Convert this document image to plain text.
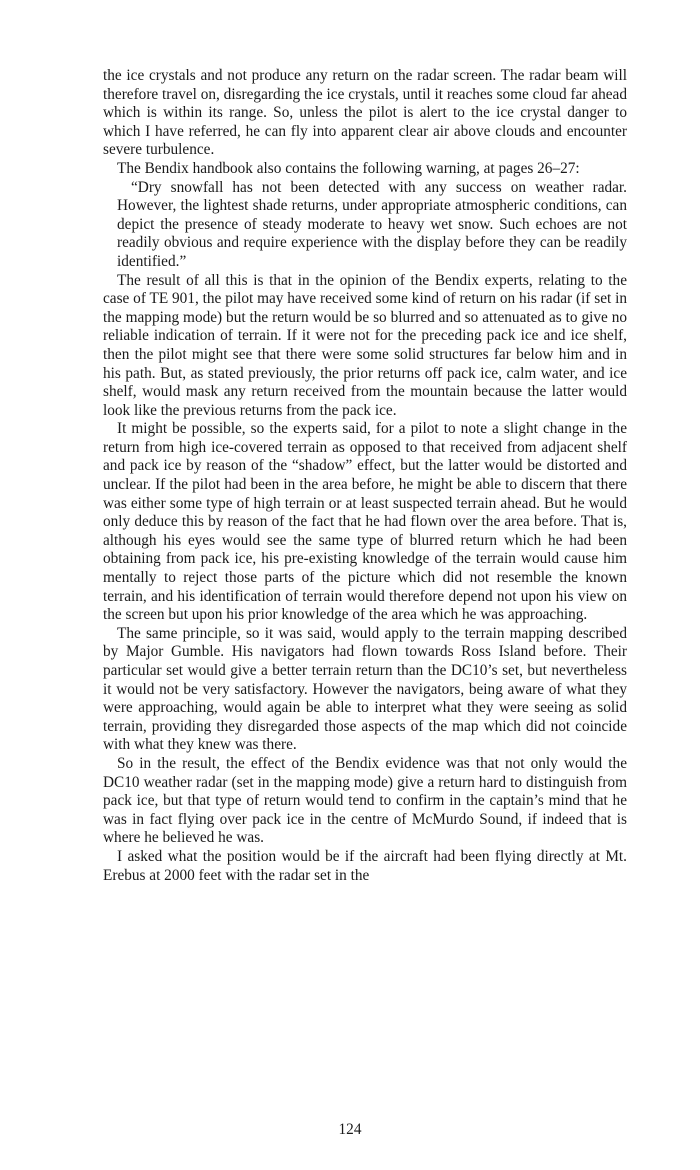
the ice crystals and not produce any return on the radar screen. The radar beam will therefore travel on, disregarding the ice crystals, until it reaches some cloud far ahead which is within its range. So, unless the pilot is alert to the ice crystal danger to which I have referred, he can fly into apparent clear air above clouds and encounter severe turbulence.

The Bendix handbook also contains the following warning, at pages 26–27:

“Dry snowfall has not been detected with any success on weather radar. However, the lightest shade returns, under appropriate atmospheric conditions, can depict the presence of steady moderate to heavy wet snow. Such echoes are not readily obvious and require experience with the display before they can be readily identified.”

The result of all this is that in the opinion of the Bendix experts, relating to the case of TE 901, the pilot may have received some kind of return on his radar (if set in the mapping mode) but the return would be so blurred and so attenuated as to give no reliable indication of terrain. If it were not for the preceding pack ice and ice shelf, then the pilot might see that there were some solid structures far below him and in his path. But, as stated previously, the prior returns off pack ice, calm water, and ice shelf, would mask any return received from the mountain because the latter would look like the previous returns from the pack ice.

It might be possible, so the experts said, for a pilot to note a slight change in the return from high ice-covered terrain as opposed to that received from adjacent shelf and pack ice by reason of the “shadow” effect, but the latter would be distorted and unclear. If the pilot had been in the area before, he might be able to discern that there was either some type of high terrain or at least suspected terrain ahead. But he would only deduce this by reason of the fact that he had flown over the area before. That is, although his eyes would see the same type of blurred return which he had been obtaining from pack ice, his pre-existing knowledge of the terrain would cause him mentally to reject those parts of the picture which did not resemble the known terrain, and his identification of terrain would therefore depend not upon his view on the screen but upon his prior knowledge of the area which he was approaching.

The same principle, so it was said, would apply to the terrain mapping described by Major Gumble. His navigators had flown towards Ross Island before. Their particular set would give a better terrain return than the DC10’s set, but nevertheless it would not be very satisfactory. However the navigators, being aware of what they were approaching, would again be able to interpret what they were seeing as solid terrain, providing they disregarded those aspects of the map which did not coincide with what they knew was there.

So in the result, the effect of the Bendix evidence was that not only would the DC10 weather radar (set in the mapping mode) give a return hard to distinguish from pack ice, but that type of return would tend to confirm in the captain’s mind that he was in fact flying over pack ice in the centre of McMurdo Sound, if indeed that is where he believed he was.

I asked what the position would be if the aircraft had been flying directly at Mt. Erebus at 2000 feet with the radar set in the

124
